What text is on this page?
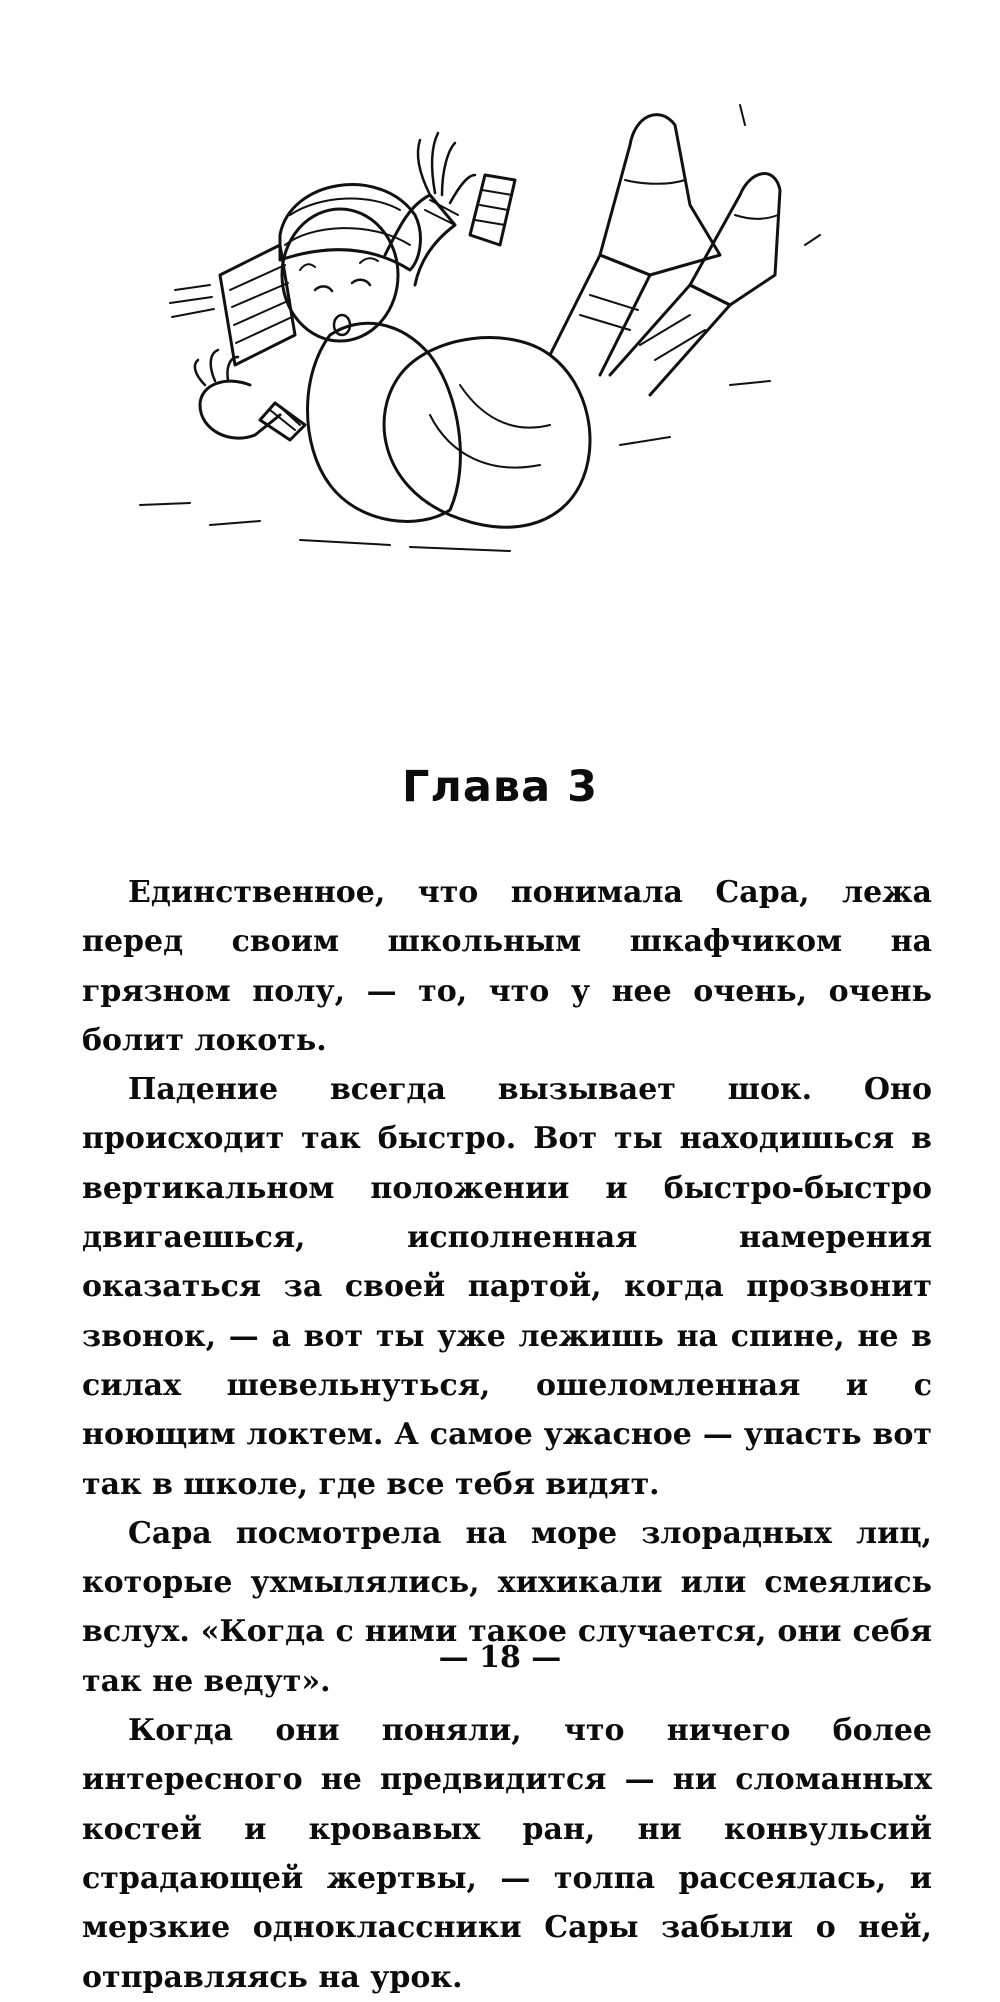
Глава 3

Единственное, что понимала Сара, лежа перед своим школьным шкафчиком на грязном полу, — то, что у нее очень, очень болит локоть.

Падение всегда вызывает шок. Оно происходит так быстро. Вот ты находишься в вертикальном положении и быстро-быстро двигаешься, исполненная намерения оказаться за своей партой, когда прозвонит звонок, — а вот ты уже лежишь на спине, не в силах шевельнуться, ошеломленная и с ноющим локтем. А самое ужасное — упасть вот так в школе, где все тебя видят.

Сара посмотрела на море злорадных лиц, которые ухмылялись, хихикали или смеялись вслух. «Когда с ними такое случается, они себя так не ведут».

Когда они поняли, что ничего более интересного не предвидится — ни сломанных костей и кровавых ран, ни конвульсий страдающей жертвы, — толпа рассеялась, и мерзкие одноклассники Сары забыли о ней, отправляясь на урок.

— 18 —
